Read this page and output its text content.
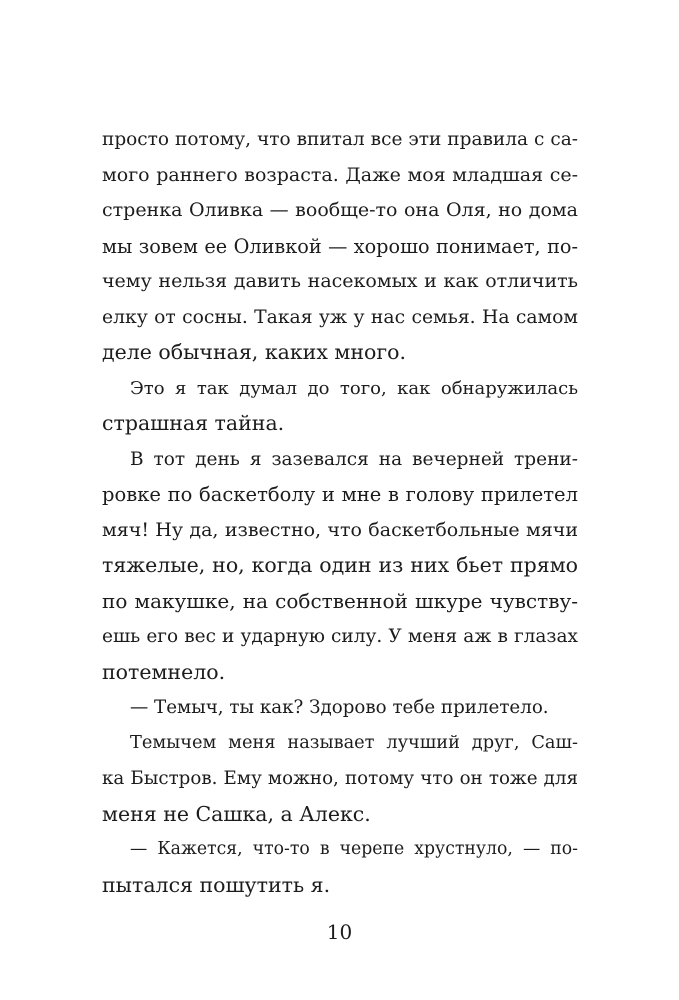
просто потому, что впитал все эти правила с са-
мого раннего возраста. Даже моя младшая се-
стренка Оливка — вообще-то она Оля, но дома
мы зовем ее Оливкой — хорошо понимает, по-
чему нельзя давить насекомых и как отличить
елку от сосны. Такая уж у нас семья. На самом
деле обычная, каких много.

Это я так думал до того, как обнаружилась
страшная тайна.

В тот день я зазевался на вечерней трени-
ровке по баскетболу и мне в голову прилетел
мяч! Ну да, известно, что баскетбольные мячи
тяжелые, но, когда один из них бьет прямо
по макушке, на собственной шкуре чувству-
ешь его вес и ударную силу. У меня аж в глазах
потемнело.

— Темыч, ты как? Здорово тебе прилетело.

Темычем меня называет лучший друг, Саш-
ка Быстров. Ему можно, потому что он тоже для
меня не Сашка, а Алекс.

— Кажется, что-то в черепе хрустнуло, — по-
пытался пошутить я.

10
